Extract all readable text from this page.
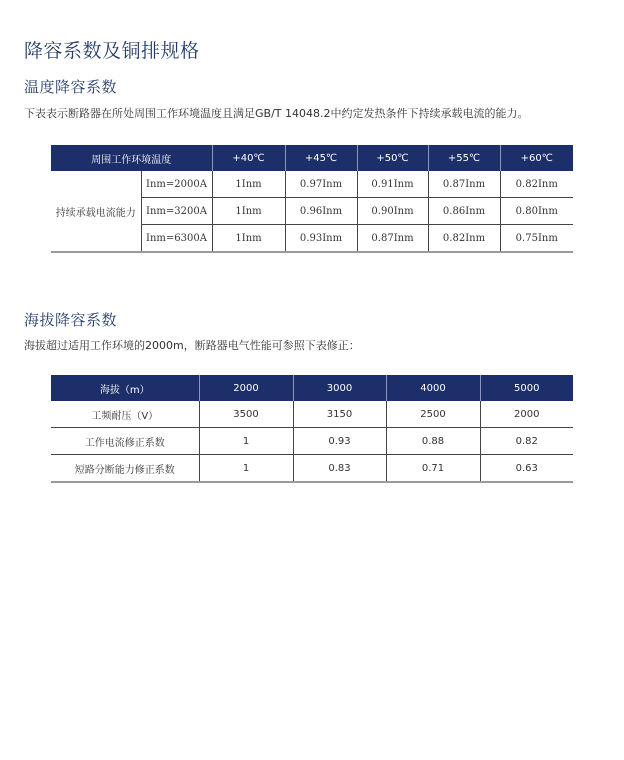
降容系数及铜排规格
温度降容系数
下表表示断路器在所处周围工作环境温度且满足GB/T 14048.2中约定发热条件下持续承载电流的能力。
周围工作环境温度		+40℃	+45℃	+50℃	+55℃	+60℃
持续承载电流能力	Inm=2000A	1Inm	0.97Inm	0.91Inm	0.87Inm	0.82Inm
	Inm=3200A	1Inm	0.96Inm	0.90Inm	0.86Inm	0.80Inm
	Inm=6300A	1Inm	0.93Inm	0.87Inm	0.82Inm	0.75Inm
海拔降容系数
海拔超过适用工作环境的2000m，断路器电气性能可参照下表修正：
海拔（m）	2000	3000	4000	5000
工频耐压（V）	3500	3150	2500	2000
工作电流修正系数	1	0.93	0.88	0.82
短路分断能力修正系数	1	0.83	0.71	0.63
